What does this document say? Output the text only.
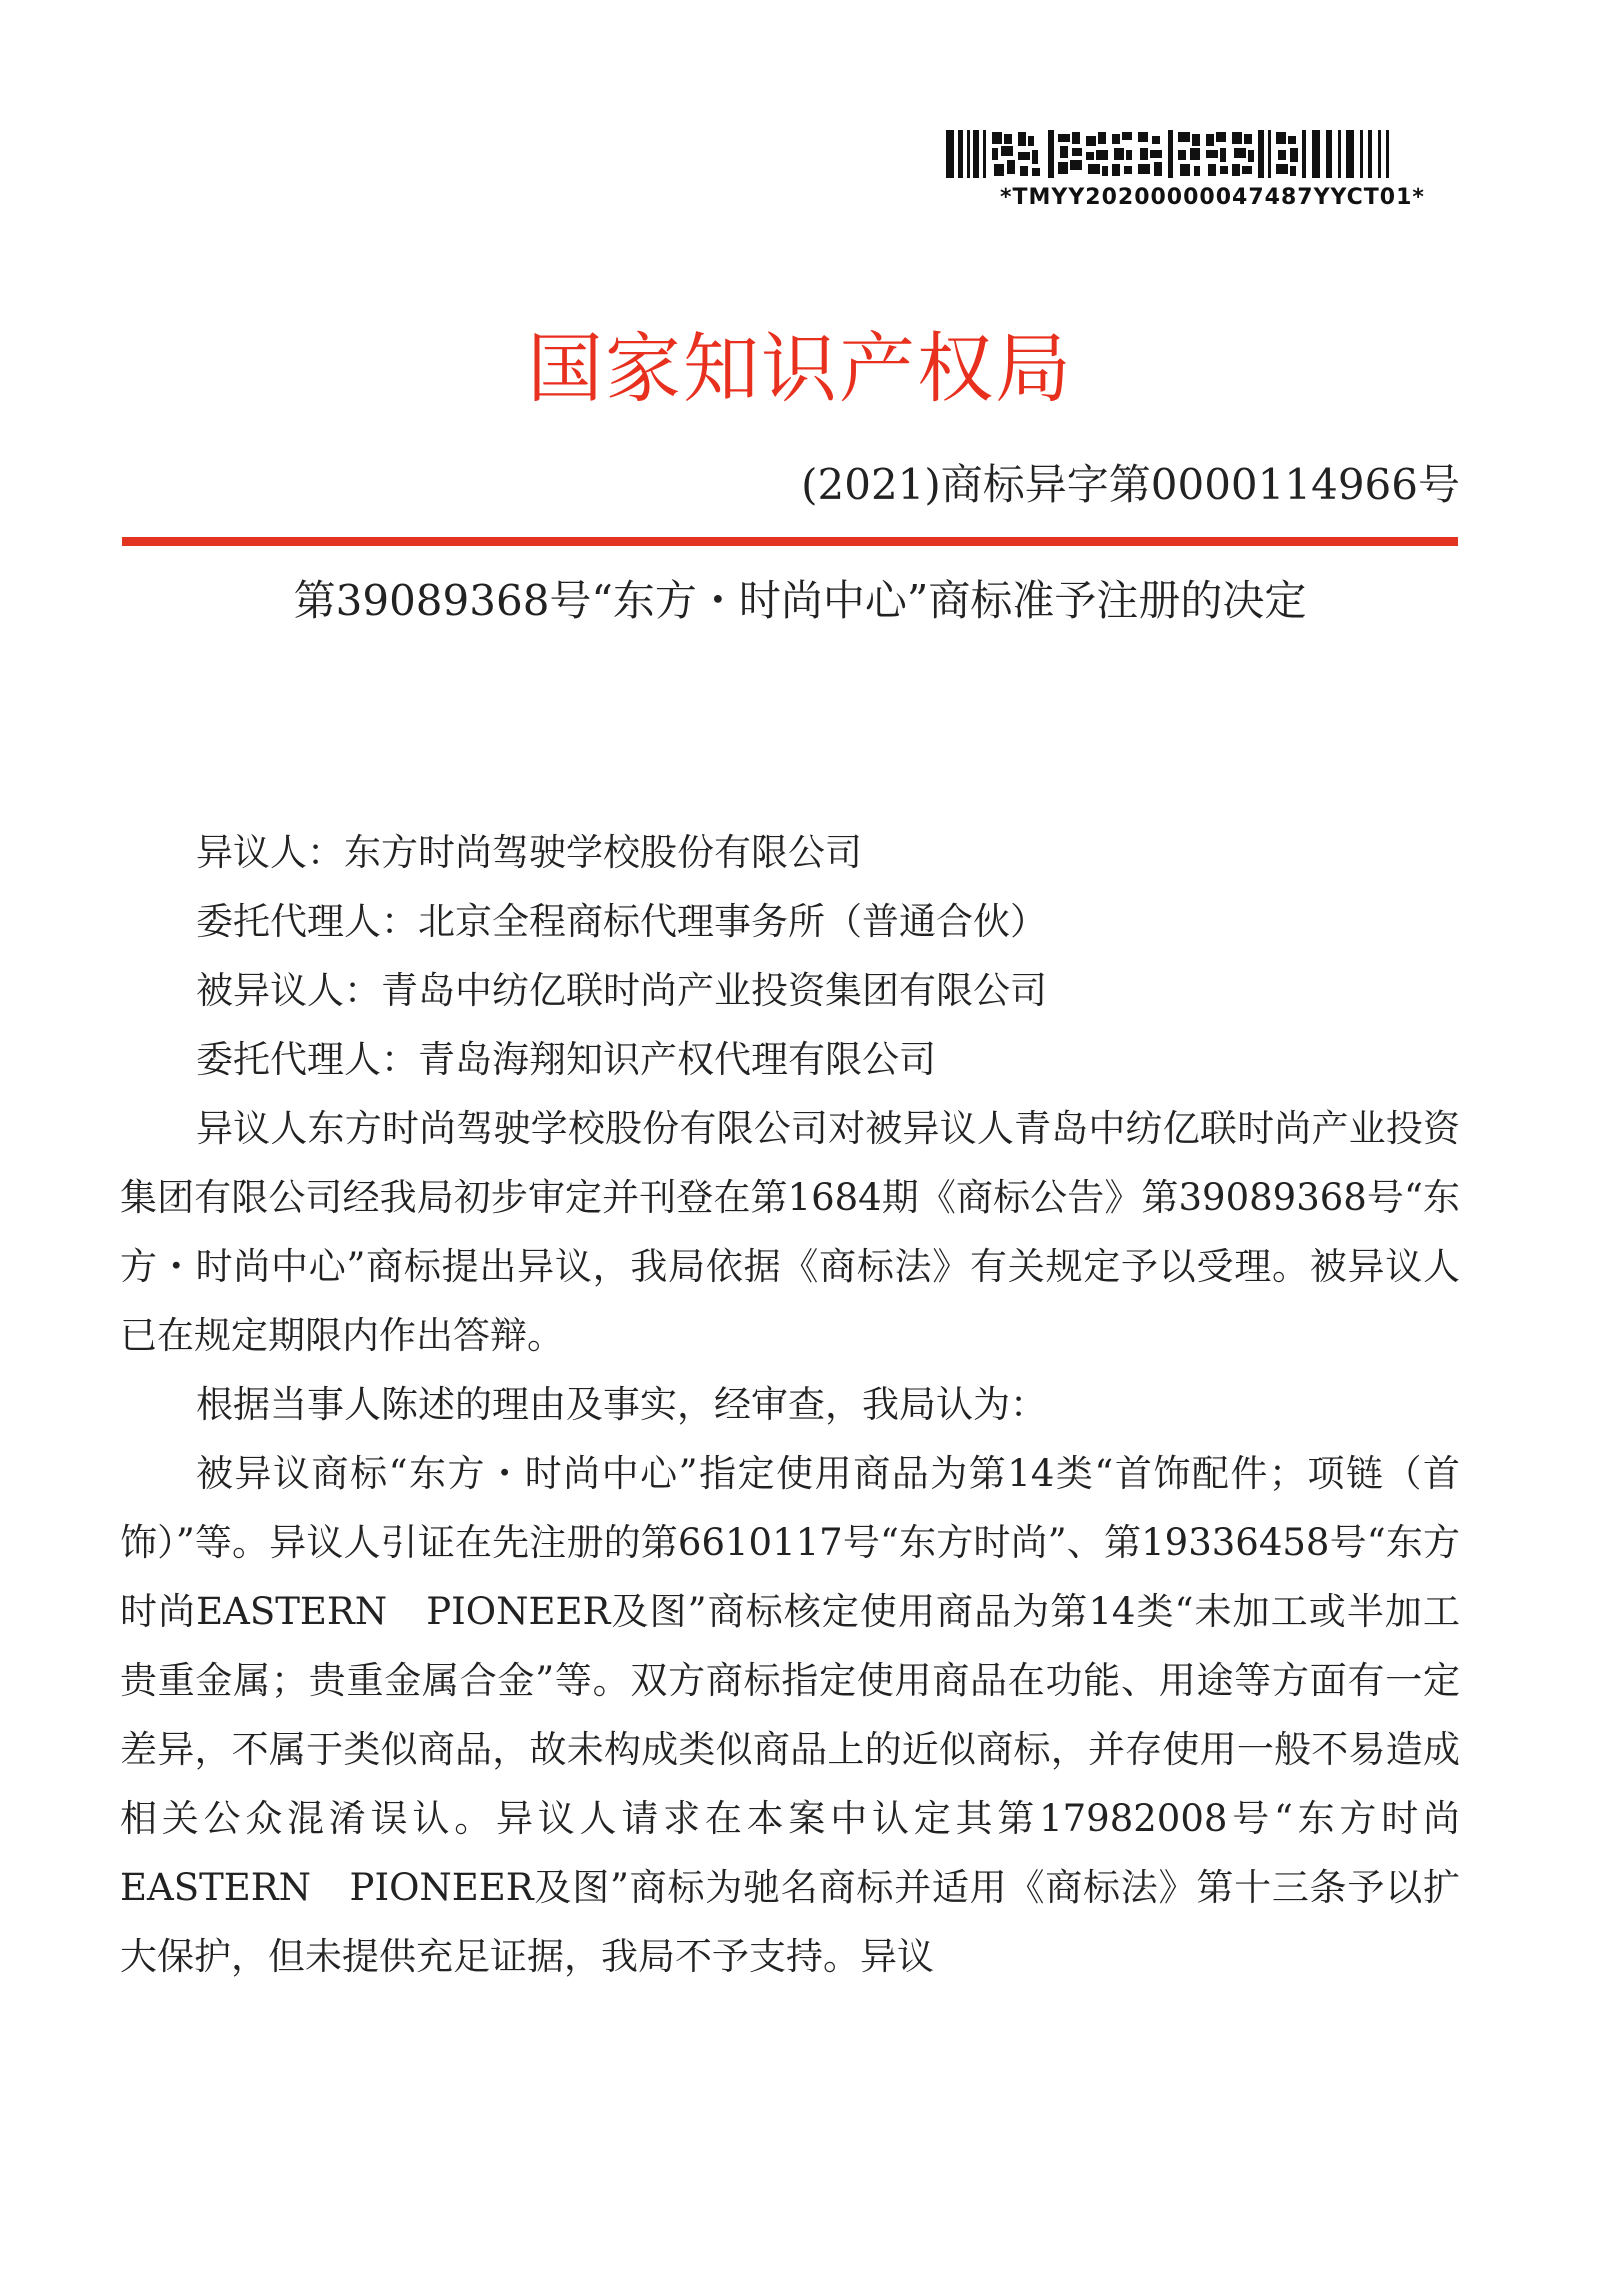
*TMYY20200000047487YYCT01*
国家知识产权局
(2021)商标异字第0000114966号
第39089368号“东方・时尚中心”商标准予注册的决定

异议人：东方时尚驾驶学校股份有限公司

委托代理人：北京全程商标代理事务所（普通合伙）

被异议人：青岛中纺亿联时尚产业投资集团有限公司

委托代理人：青岛海翔知识产权代理有限公司

异议人东方时尚驾驶学校股份有限公司对被异议人青岛中纺亿联时尚产业投资集团有限公司经我局初步审定并刊登在第1684期《商标公告》第39089368号“东方・时尚中心”商标提出异议，我局依据《商标法》有关规定予以受理。被异议人已在规定期限内作出答辩。

根据当事人陈述的理由及事实，经审查，我局认为：

被异议商标“东方・时尚中心”指定使用商品为第14类“首饰配件；项链（首饰）”等。异议人引证在先注册的第6610117号“东方时尚”、第19336458号“东方时尚EASTERN　PIONEER及图”商标核定使用商品为第14类“未加工或半加工贵重金属；贵重金属合金”等。双方商标指定使用商品在功能、用途等方面有一定差异，不属于类似商品，故未构成类似商品上的近似商标，并存使用一般不易造成相关公众混淆误认。异议人请求在本案中认定其第17982008号“东方时尚EASTERN　PIONEER及图”商标为驰名商标并适用《商标法》第十三条予以扩大保护，但未提供充足证据，我局不予支持。异议
